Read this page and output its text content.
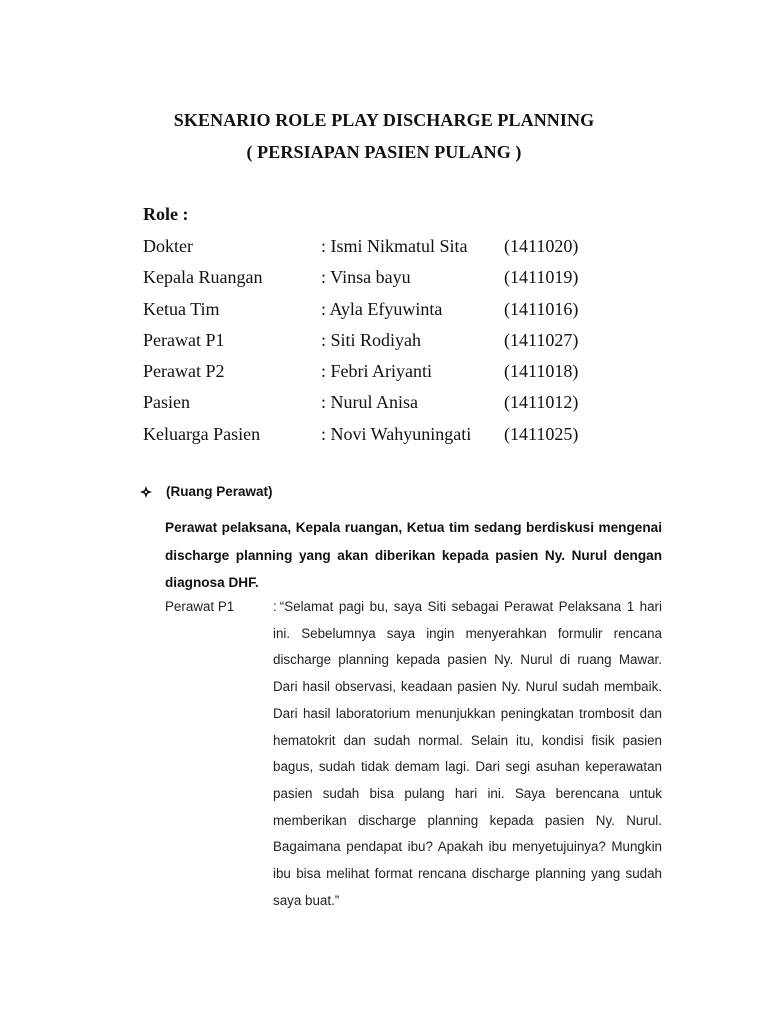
SKENARIO ROLE PLAY DISCHARGE PLANNING
( PERSIAPAN PASIEN PULANG )
Role :
Dokter	: Ismi Nikmatul Sita (1411020)
Kepala Ruangan	: Vinsa bayu	(1411019)
Ketua Tim	: Ayla Efyuwinta	(1411016)
Perawat P1	: Siti Rodiyah	(1411027)
Perawat P2	: Febri Ariyanti	(1411018)
Pasien	: Nurul Anisa	(1411012)
Keluarga Pasien	: Novi Wahyuningati (1411025)
(Ruang Perawat)
Perawat pelaksana, Kepala ruangan, Ketua tim sedang berdiskusi mengenai discharge planning yang akan diberikan kepada pasien Ny. Nurul dengan diagnosa DHF.
Perawat P1	: “Selamat pagi bu, saya Siti sebagai Perawat Pelaksana 1 hari ini. Sebelumnya saya ingin menyerahkan formulir rencana discharge planning kepada pasien Ny. Nurul di ruang Mawar. Dari hasil observasi, keadaan pasien Ny. Nurul sudah membaik. Dari hasil laboratorium menunjukkan peningkatan trombosit dan hematokrit dan sudah normal. Selain itu, kondisi fisik pasien bagus, sudah tidak demam lagi. Dari segi asuhan keperawatan pasien sudah bisa pulang hari ini. Saya berencana untuk memberikan discharge planning kepada pasien Ny. Nurul. Bagaimana pendapat ibu? Apakah ibu menyetujuinya? Mungkin ibu bisa melihat format rencana discharge planning yang sudah saya buat.”
